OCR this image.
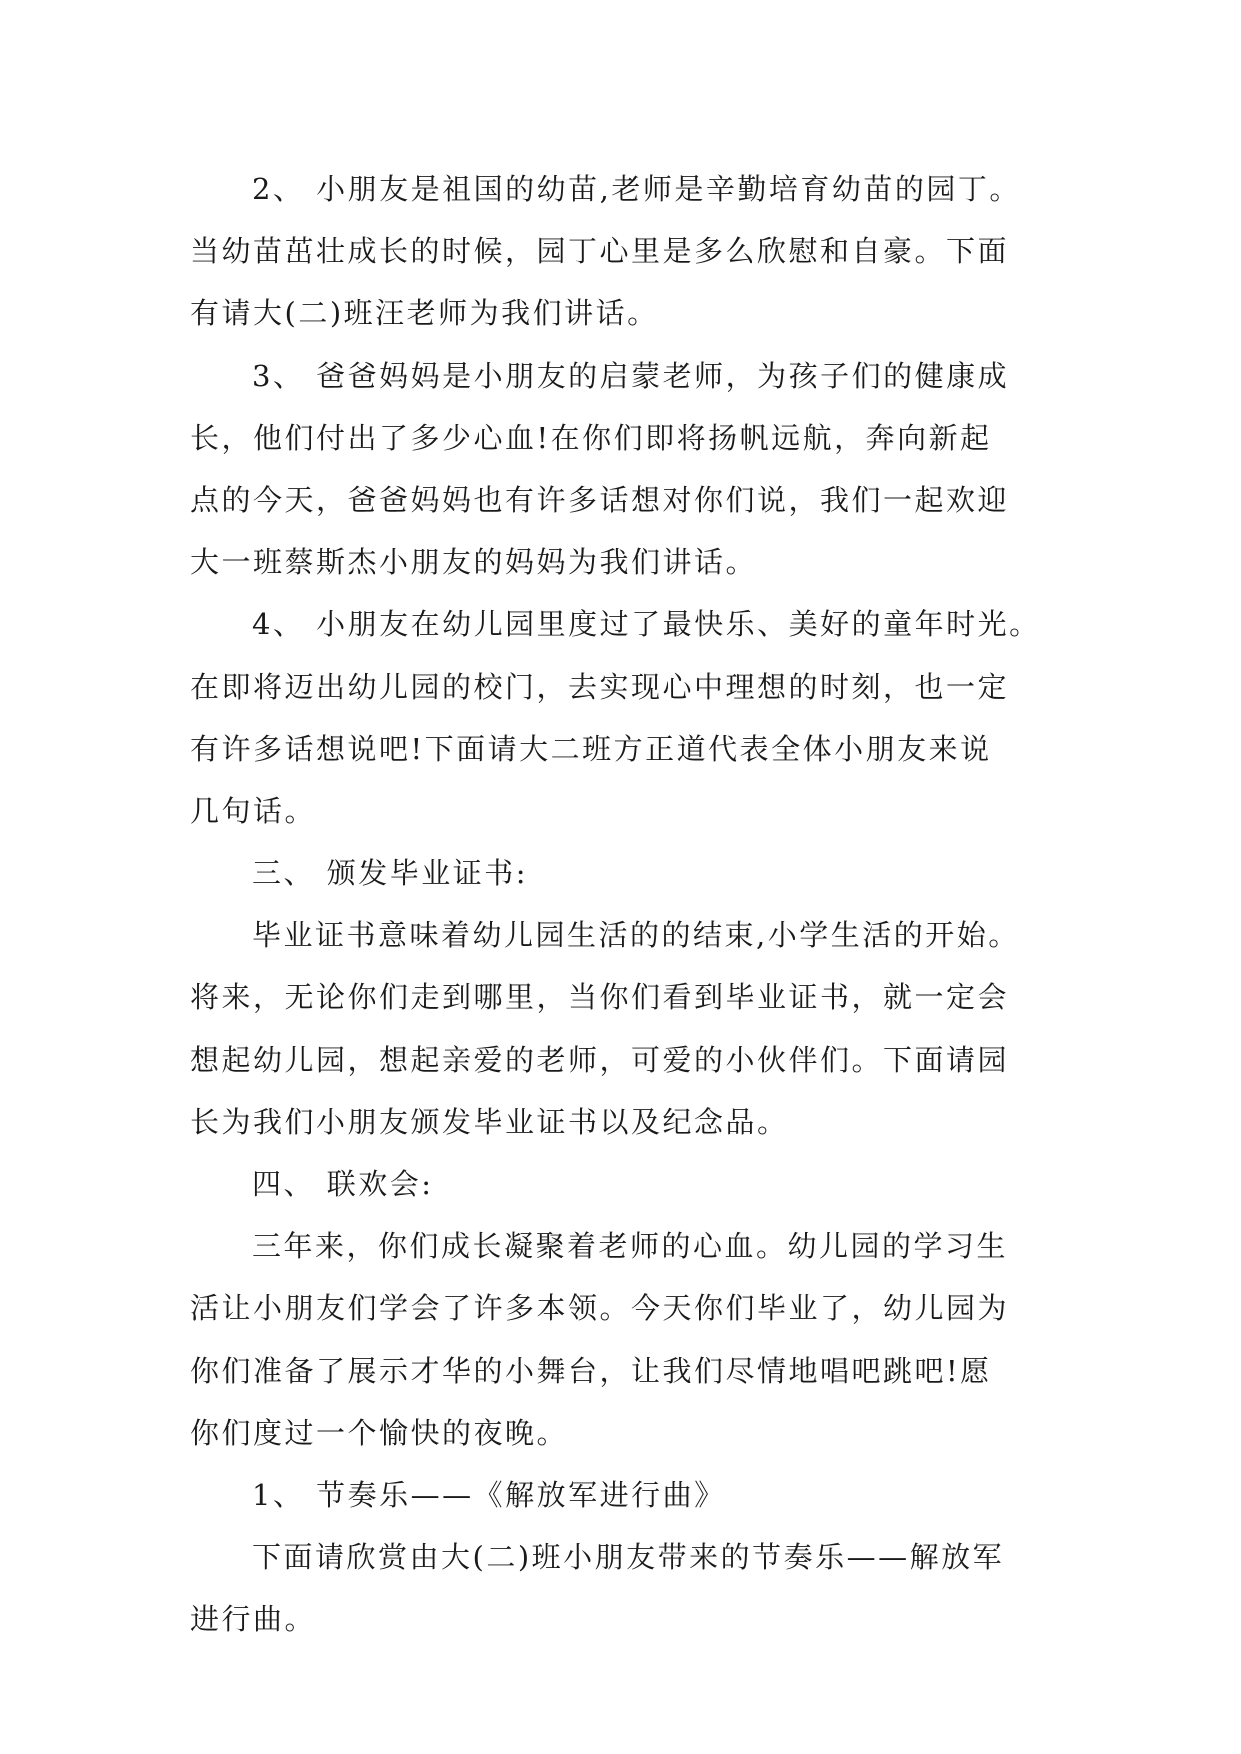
2、 小朋友是祖国的幼苗,老师是辛勤培育幼苗的园丁。
当幼苗茁壮成长的时候，园丁心里是多么欣慰和自豪。下面
有请大(二)班汪老师为我们讲话。
3、 爸爸妈妈是小朋友的启蒙老师，为孩子们的健康成
长，他们付出了多少心血!在你们即将扬帆远航，奔向新起
点的今天，爸爸妈妈也有许多话想对你们说，我们一起欢迎
大一班蔡斯杰小朋友的妈妈为我们讲话。
4、 小朋友在幼儿园里度过了最快乐、美好的童年时光。
在即将迈出幼儿园的校门，去实现心中理想的时刻，也一定
有许多话想说吧!下面请大二班方正道代表全体小朋友来说
几句话。
三、 颁发毕业证书:
毕业证书意味着幼儿园生活的的结束,小学生活的开始。
将来，无论你们走到哪里，当你们看到毕业证书，就一定会
想起幼儿园，想起亲爱的老师，可爱的小伙伴们。下面请园
长为我们小朋友颁发毕业证书以及纪念品。
四、 联欢会:
三年来，你们成长凝聚着老师的心血。幼儿园的学习生
活让小朋友们学会了许多本领。今天你们毕业了，幼儿园为
你们准备了展示才华的小舞台，让我们尽情地唱吧跳吧!愿
你们度过一个愉快的夜晚。
1、 节奏乐——《解放军进行曲》
下面请欣赏由大(二)班小朋友带来的节奏乐——解放军
进行曲。
